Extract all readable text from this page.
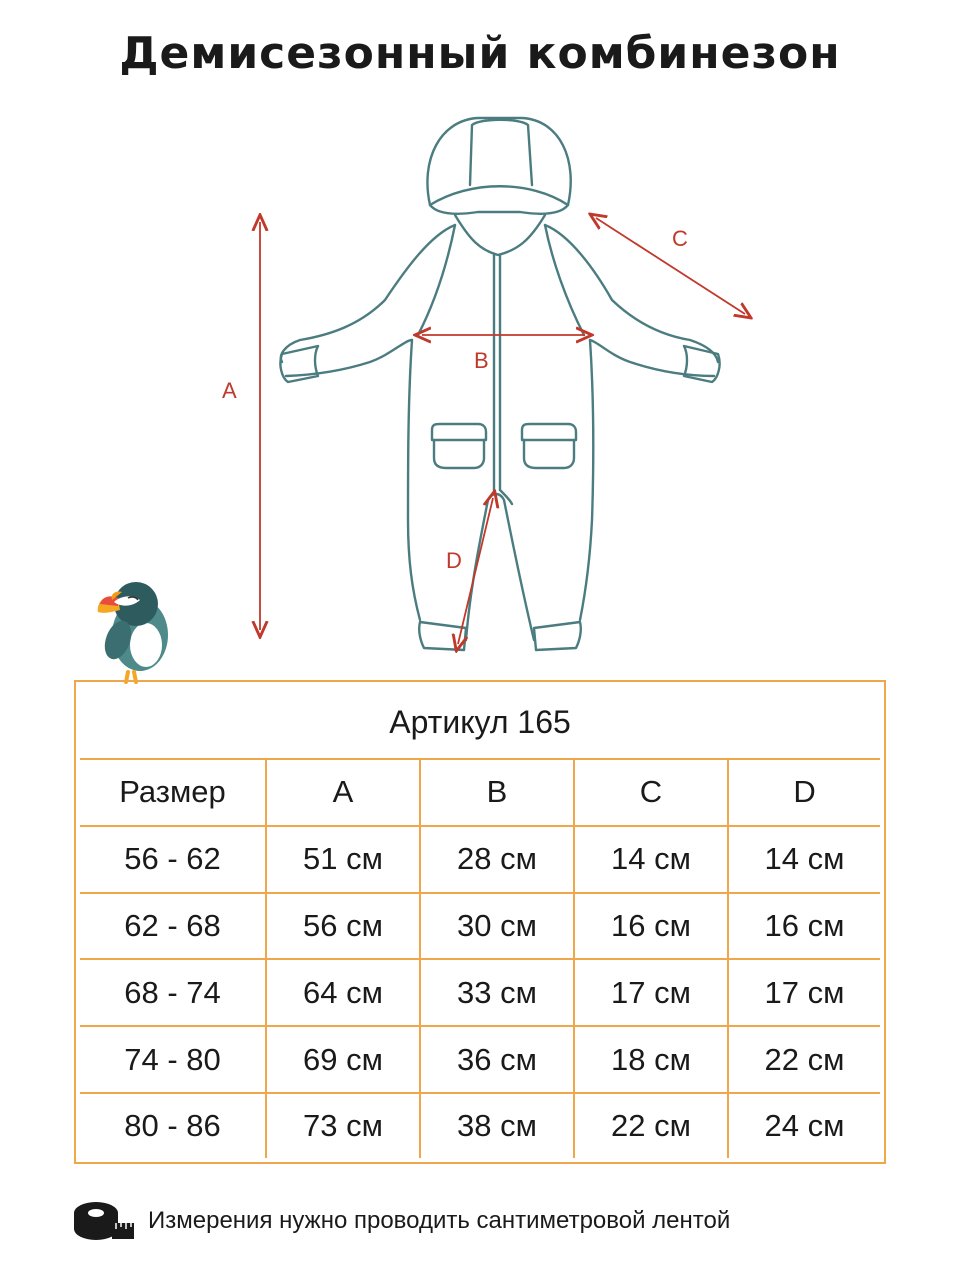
Демисезонный комбинезон
A
B
C
D
Артикул 165				
Размер	A	B	C	D
56 - 62	51 см	28 см	14 см	14 см
62 - 68	56 см	30 см	16 см	16 см
68 - 74	64 см	33 см	17 см	17 см
74 - 80	69 см	36 см	18 см	22 см
80 - 86	73 см	38 см	22 см	24 см
Измерения нужно проводить сантиметровой лентой
